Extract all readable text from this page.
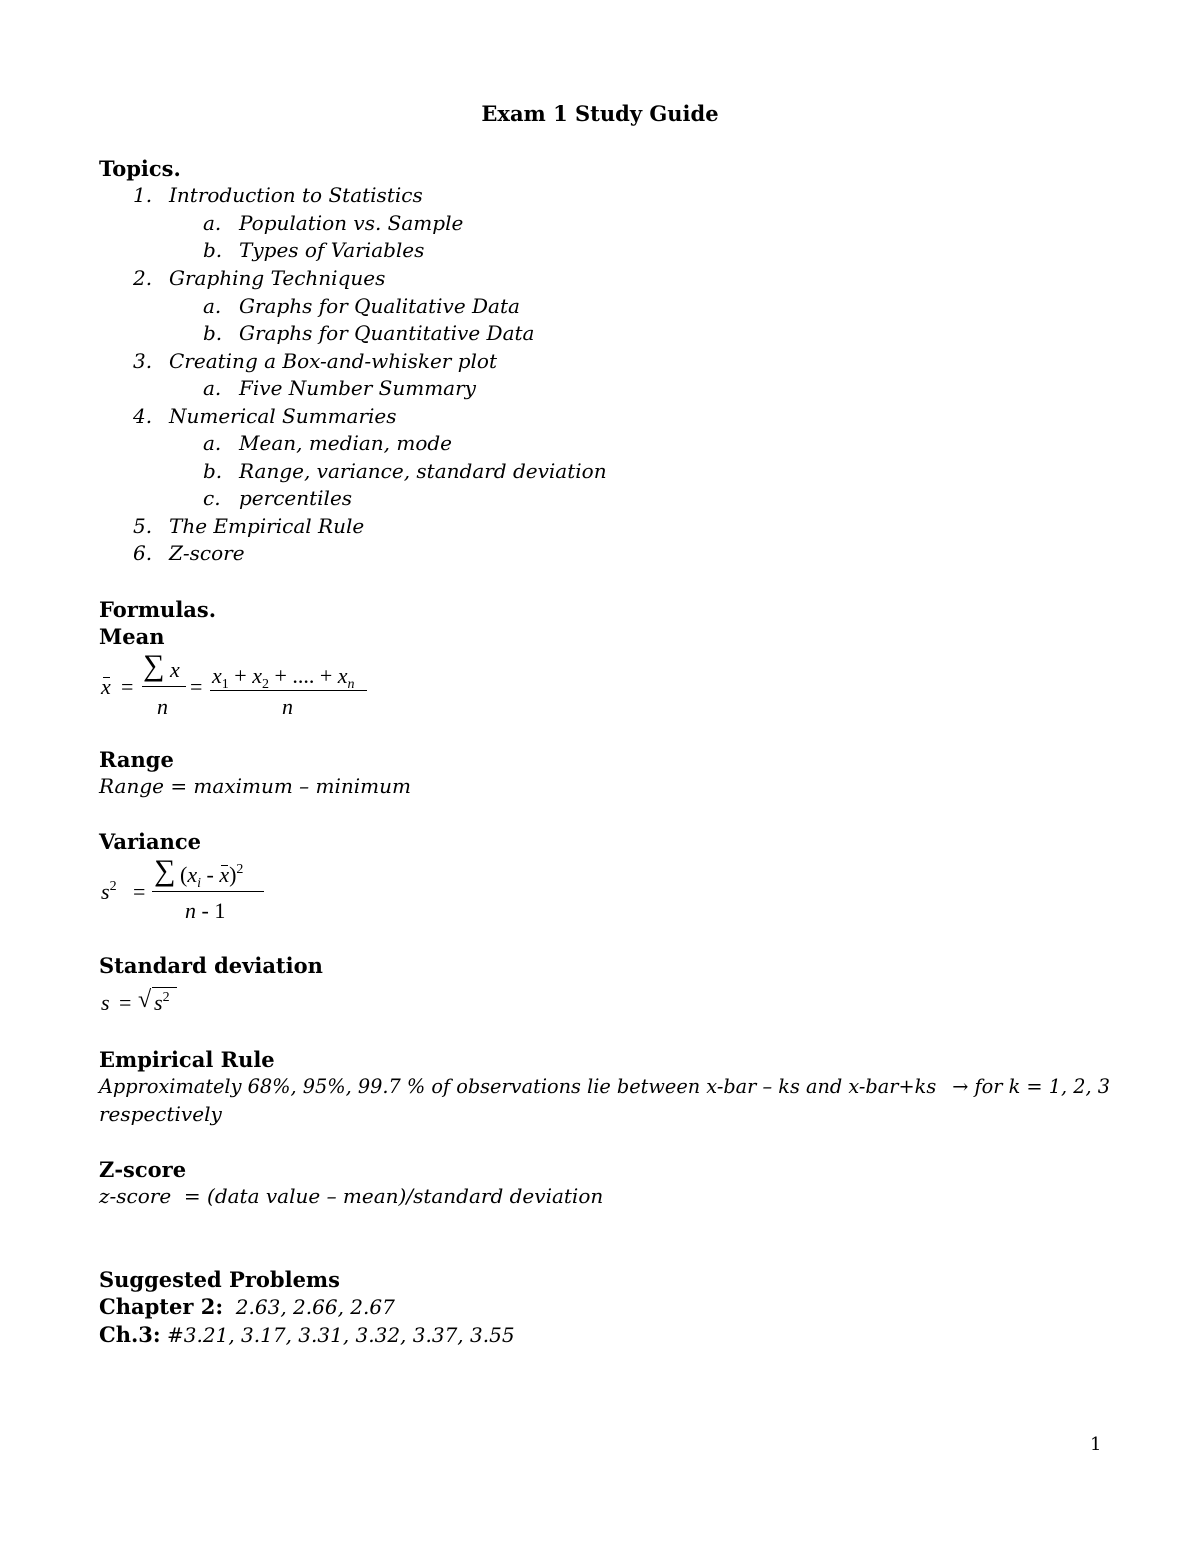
Exam 1 Study Guide
Topics.
1. Introduction to Statistics
a. Population vs. Sample
b. Types of Variables
2. Graphing Techniques
a. Graphs for Qualitative Data
b. Graphs for Quantitative Data
3. Creating a Box-and-whisker plot
a. Five Number Summary
4. Numerical Summaries
a. Mean, median, mode
b. Range, variance, standard deviation
c. percentiles
5. The Empirical Rule
6. Z-score
Formulas.
Mean
x =
∑ x
n
= $x_1 + x_2$ + .... + $x_n$
n
Range
Range = maximum – minimum
Variance
$s^2$ =
∑ $(x_i - x)^2$
n - 1
Standard deviation
s = √ $s^2$
Empirical Rule
Approximately 68%, 95%, 99.7 % of observations lie between x-bar – ks and x-bar+ks → for k = 1, 2, 3
respectively
Z-score
z-score  = (data value – mean)/standard deviation
Suggested Problems
Chapter 2: 2.63, 2.66, 2.67
Ch.3: #3.21, 3.17, 3.31, 3.32, 3.37, 3.55
1
